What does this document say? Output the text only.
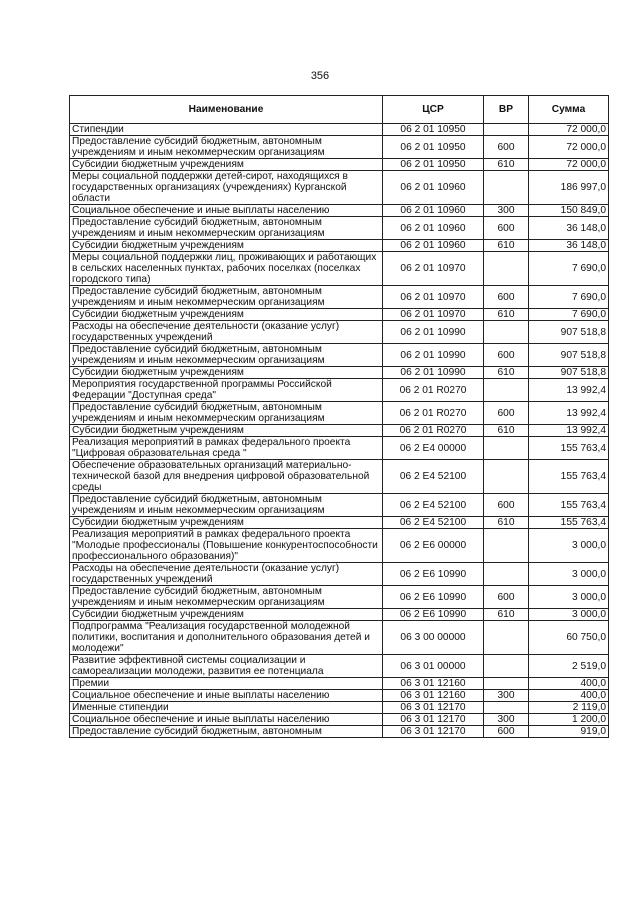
356
Наименование	ЦСР	ВР	Сумма
Стипендии	06 2 01 10950		72 000,0
Предоставление субсидий бюджетным, автономным учреждениям и иным некоммерческим организациям	06 2 01 10950	600	72 000,0
Субсидии бюджетным учреждениям	06 2 01 10950	610	72 000,0
Меры социальной поддержки детей-сирот, находящихся в государственных организациях (учреждениях) Курганской области	06 2 01 10960		186 997,0
Социальное обеспечение и иные выплаты населению	06 2 01 10960	300	150 849,0
Предоставление субсидий бюджетным, автономным учреждениям и иным некоммерческим организациям	06 2 01 10960	600	36 148,0
Субсидии бюджетным учреждениям	06 2 01 10960	610	36 148,0
Меры социальной поддержки лиц, проживающих и работающих в сельских населенных пунктах, рабочих поселках (поселках городского типа)	06 2 01 10970		7 690,0
Предоставление субсидий бюджетным, автономным учреждениям и иным некоммерческим организациям	06 2 01 10970	600	7 690,0
Субсидии бюджетным учреждениям	06 2 01 10970	610	7 690,0
Расходы на обеспечение деятельности (оказание услуг) государственных учреждений	06 2 01 10990		907 518,8
Предоставление субсидий бюджетным, автономным учреждениям и иным некоммерческим организациям	06 2 01 10990	600	907 518,8
Субсидии бюджетным учреждениям	06 2 01 10990	610	907 518,8
Мероприятия государственной программы Российской Федерации "Доступная среда"	06 2 01 R0270		13 992,4
Предоставление субсидий бюджетным, автономным учреждениям и иным некоммерческим организациям	06 2 01 R0270	600	13 992,4
Субсидии бюджетным учреждениям	06 2 01 R0270	610	13 992,4
Реализация мероприятий в рамках федерального проекта "Цифровая образовательная среда "	06 2 E4 00000		155 763,4
Обеспечение образовательных организаций материально-технической базой для внедрения цифровой образовательной среды	06 2 E4 52100		155 763,4
Предоставление субсидий бюджетным, автономным учреждениям и иным некоммерческим организациям	06 2 E4 52100	600	155 763,4
Субсидии бюджетным учреждениям	06 2 E4 52100	610	155 763,4
Реализация мероприятий в рамках федерального проекта "Молодые профессионалы (Повышение конкурентоспособности профессионального образования)"	06 2 E6 00000		3 000,0
Расходы на обеспечение деятельности (оказание услуг) государственных учреждений	06 2 E6 10990		3 000,0
Предоставление субсидий бюджетным, автономным учреждениям и иным некоммерческим организациям	06 2 E6 10990	600	3 000,0
Субсидии бюджетным учреждениям	06 2 E6 10990	610	3 000,0
Подпрограмма "Реализация государственной молодежной политики, воспитания и дополнительного образования детей и молодежи"	06 3 00 00000		60 750,0
Развитие эффективной системы социализации и самореализации молодежи, развития ее потенциала	06 3 01 00000		2 519,0
Премии	06 3 01 12160		400,0
Социальное обеспечение и иные выплаты населению	06 3 01 12160	300	400,0
Именные стипендии	06 3 01 12170		2 119,0
Социальное обеспечение и иные выплаты населению	06 3 01 12170	300	1 200,0
Предоставление субсидий бюджетным, автономным	06 3 01 12170	600	919,0
